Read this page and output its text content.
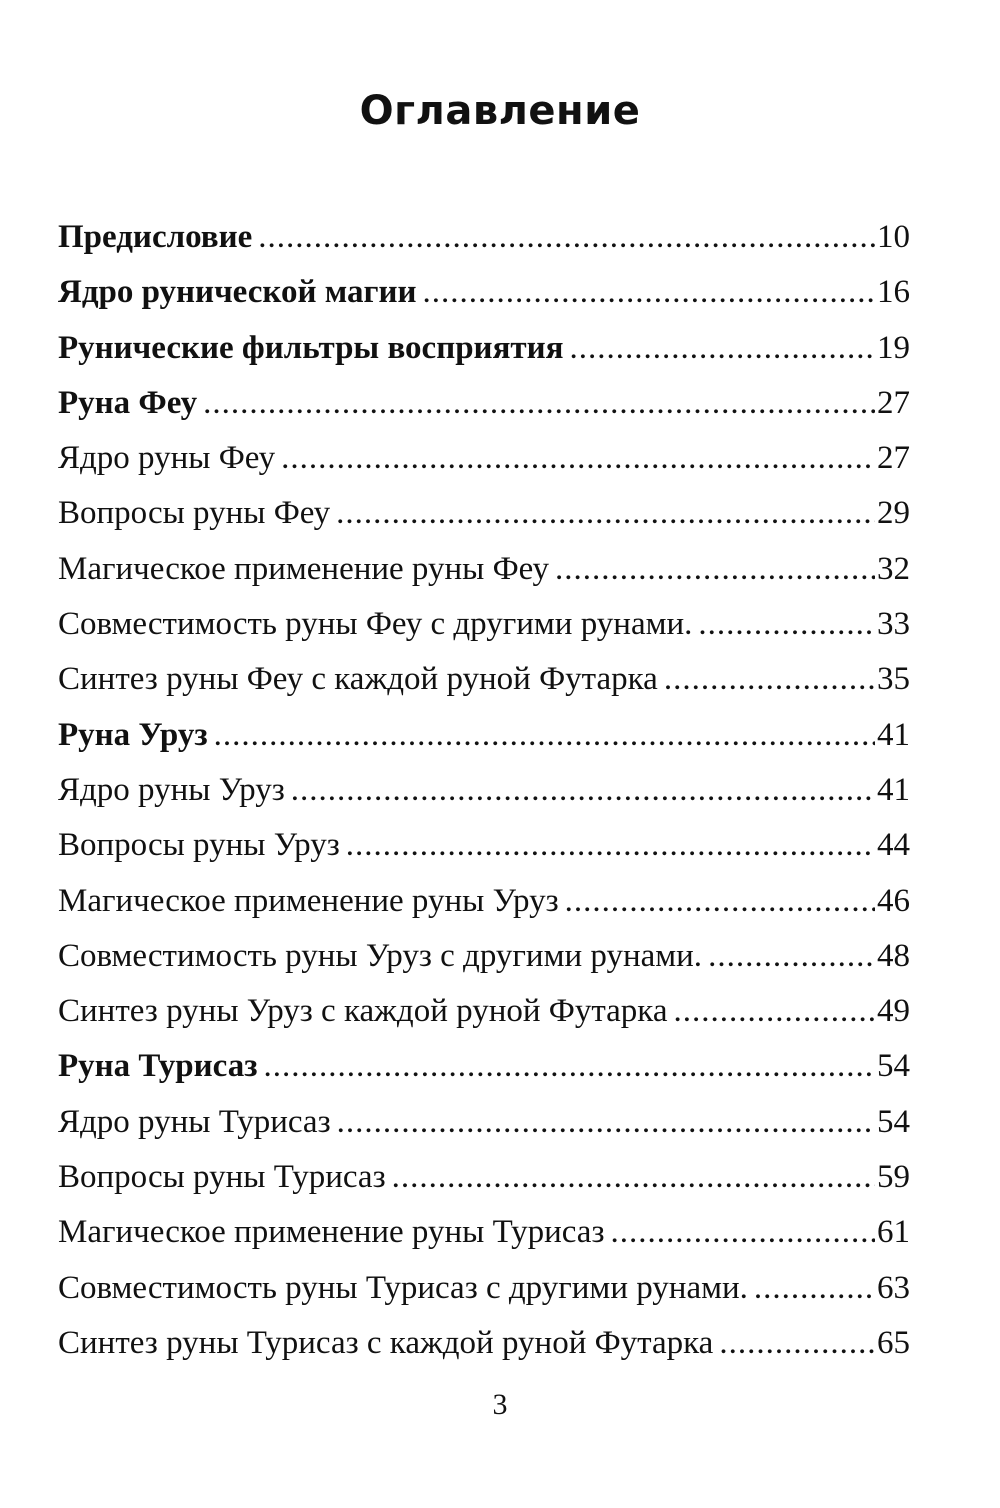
Оглавление
Предисловие .....	10
Ядро рунической магии .....	16
Рунические фильтры восприятия .....	19
Руна Феу .....	27
Ядро руны Феу .....	27
Вопросы руны Феу .....	29
Магическое применение руны Феу .....	32
Совместимость руны Феу с другими рунами. .....	33
Синтез руны Феу с каждой руной Футарка .....	35
Руна Уруз .....	41
Ядро руны Уруз .....	41
Вопросы руны Уруз .....	44
Магическое применение руны Уруз .....	46
Совместимость руны Уруз с другими рунами. .....	48
Синтез руны Уруз с каждой руной Футарка .....	49
Руна Турисаз .....	54
Ядро руны Турисаз .....	54
Вопросы руны Турисаз .....	59
Магическое применение руны Турисаз .....	61
Совместимость руны Турисаз с другими рунами. .....	63
Синтез руны Турисаз с каждой руной Футарка .....	65
3
